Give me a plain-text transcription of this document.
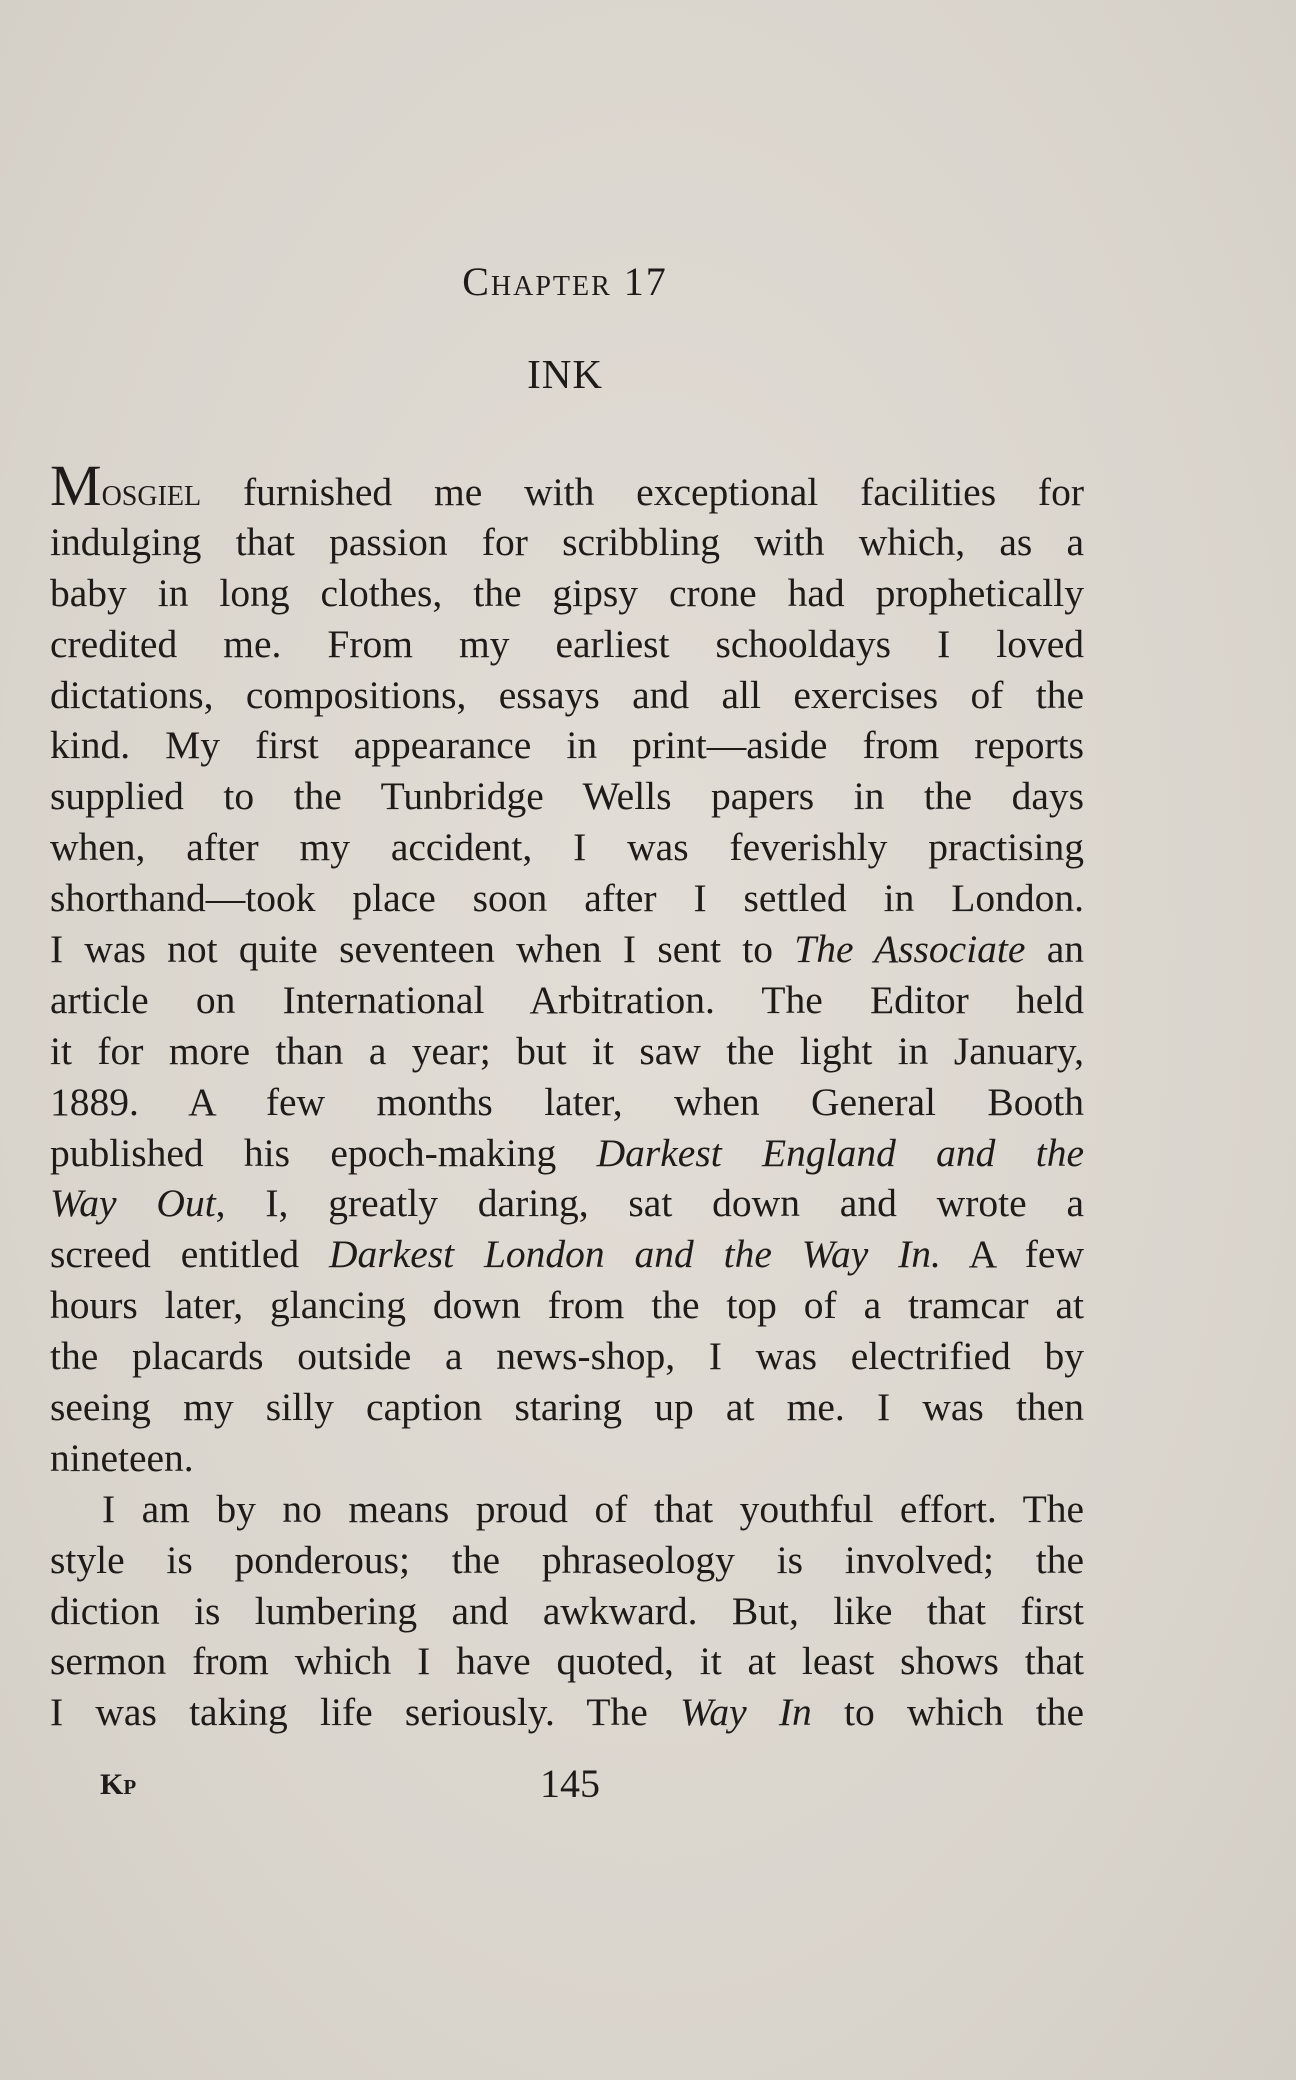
Chapter 17
INK
Mosgiel furnished me with exceptional facilities for
indulging that passion for scribbling with which, as a
baby in long clothes, the gipsy crone had prophetically
credited me. From my earliest schooldays I loved
dictations, compositions, essays and all exercises of the
kind. My first appearance in print—aside from reports
supplied to the Tunbridge Wells papers in the days
when, after my accident, I was feverishly practising
shorthand—took place soon after I settled in London.
I was not quite seventeen when I sent to The Associate an
article on International Arbitration. The Editor held
it for more than a year; but it saw the light in January,
1889. A few months later, when General Booth
published his epoch-making Darkest England and the
Way Out, I, greatly daring, sat down and wrote a
screed entitled Darkest London and the Way In. A few
hours later, glancing down from the top of a tramcar at
the placards outside a news-shop, I was electrified by
seeing my silly caption staring up at me. I was then
nineteen.
I am by no means proud of that youthful effort. The
style is ponderous; the phraseology is involved; the
diction is lumbering and awkward. But, like that first
sermon from which I have quoted, it at least shows that
I was taking life seriously. The Way In to which the
Kp	145
